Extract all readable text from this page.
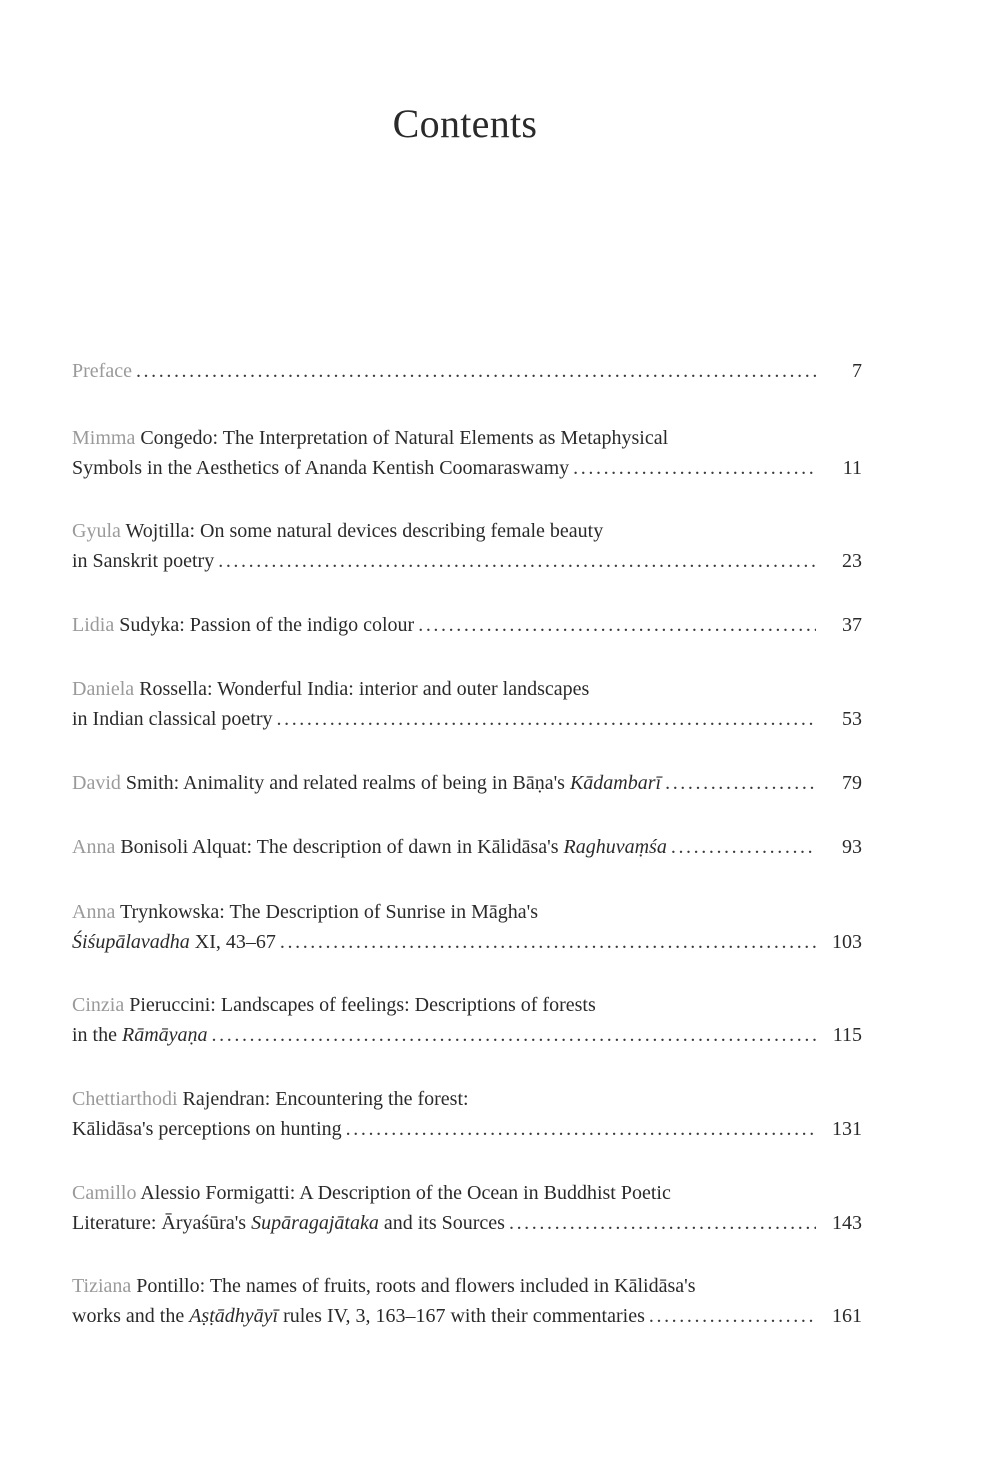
Contents
Preface . . .	7
Mimma Congedo: The Interpretation of Natural Elements as Metaphysical
Symbols in the Aesthetics of Ananda Kentish Coomaraswamy . . .	11
Gyula Wojtilla: On some natural devices describing female beauty
in Sanskrit poetry . . .	23
Lidia Sudyka: Passion of the indigo colour . . .	37
Daniela Rossella: Wonderful India: interior and outer landscapes
in Indian classical poetry . . .	53
David Smith: Animality and related realms of being in Bāṇa's Kādambarī . . .	79
Anna Bonisoli Alquat: The description of dawn in Kālidāsa's Raghuvaṃśa . . .	93
Anna Trynkowska: The Description of Sunrise in Māgha's
Śiśupālavadha XI, 43–67 . . .	103
Cinzia Pieruccini: Landscapes of feelings: Descriptions of forests
in the Rāmāyaṇa . . .	115
Chettiarthodi Rajendran: Encountering the forest:
Kālidāsa's perceptions on hunting . . .	131
Camillo Alessio Formigatti: A Description of the Ocean in Buddhist Poetic
Literature: Āryaśūra's Supāragajātaka and its Sources . . .	143
Tiziana Pontillo: The names of fruits, roots and flowers included in Kālidāsa's
works and the Aṣṭādhyāyī rules IV, 3, 163–167 with their commentaries . . .	161
